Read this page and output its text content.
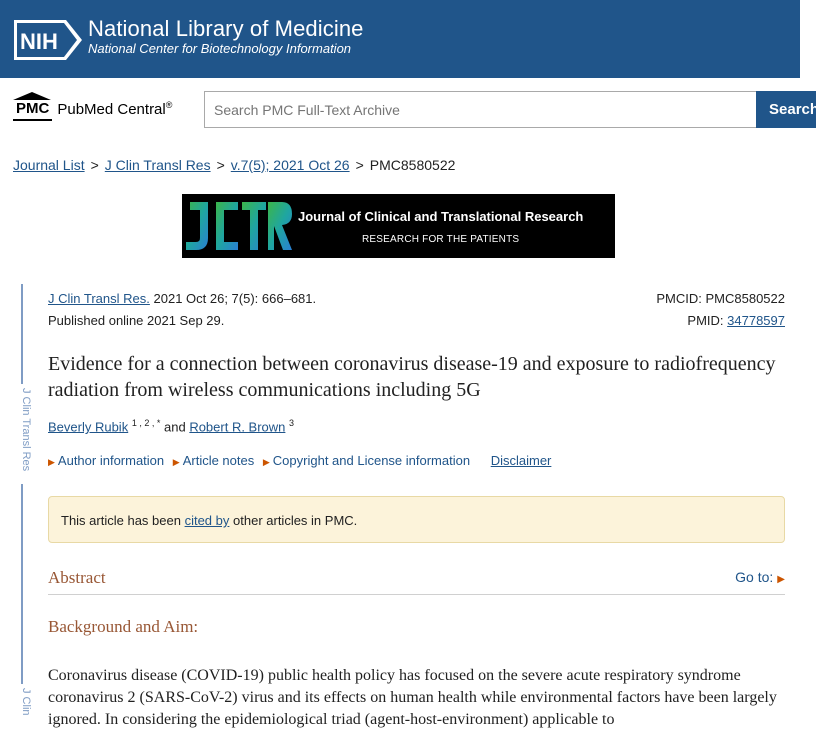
NIH
National Library of Medicine
National Center for Biotechnology Information
PMC PubMed Central®
Search PMC Full-Text Archive	Search
Journal List > J Clin Transl Res > v.7(5); 2021 Oct 26 > PMC8580522
Journal of Clinical and Translational Research
RESEARCH FOR THE PATIENTS
J Clin Transl Res
J Clin
J Clin Transl Res. 2021 Oct 26; 7(5): 666–681.
Published online 2021 Sep 29.
PMCID: PMC8580522
PMID: 34778597
Evidence for a connection between coronavirus disease-19 and exposure to radiofrequency radiation from wireless communications including 5G
Beverly Rubik $^{1 , 2 , *}$ and Robert R. Brown $^3$
▶ Author information ▶ Article notes ▶ Copyright and License information Disclaimer
This article has been cited by other articles in PMC.
Abstract	Go to: ▶
Background and Aim:
Coronavirus disease (COVID-19) public health policy has focused on the severe acute respiratory syndrome coronavirus 2 (SARS-CoV-2) virus and its effects on human health while environmental factors have been largely ignored. In considering the epidemiological triad (agent-host-environment) applicable to
